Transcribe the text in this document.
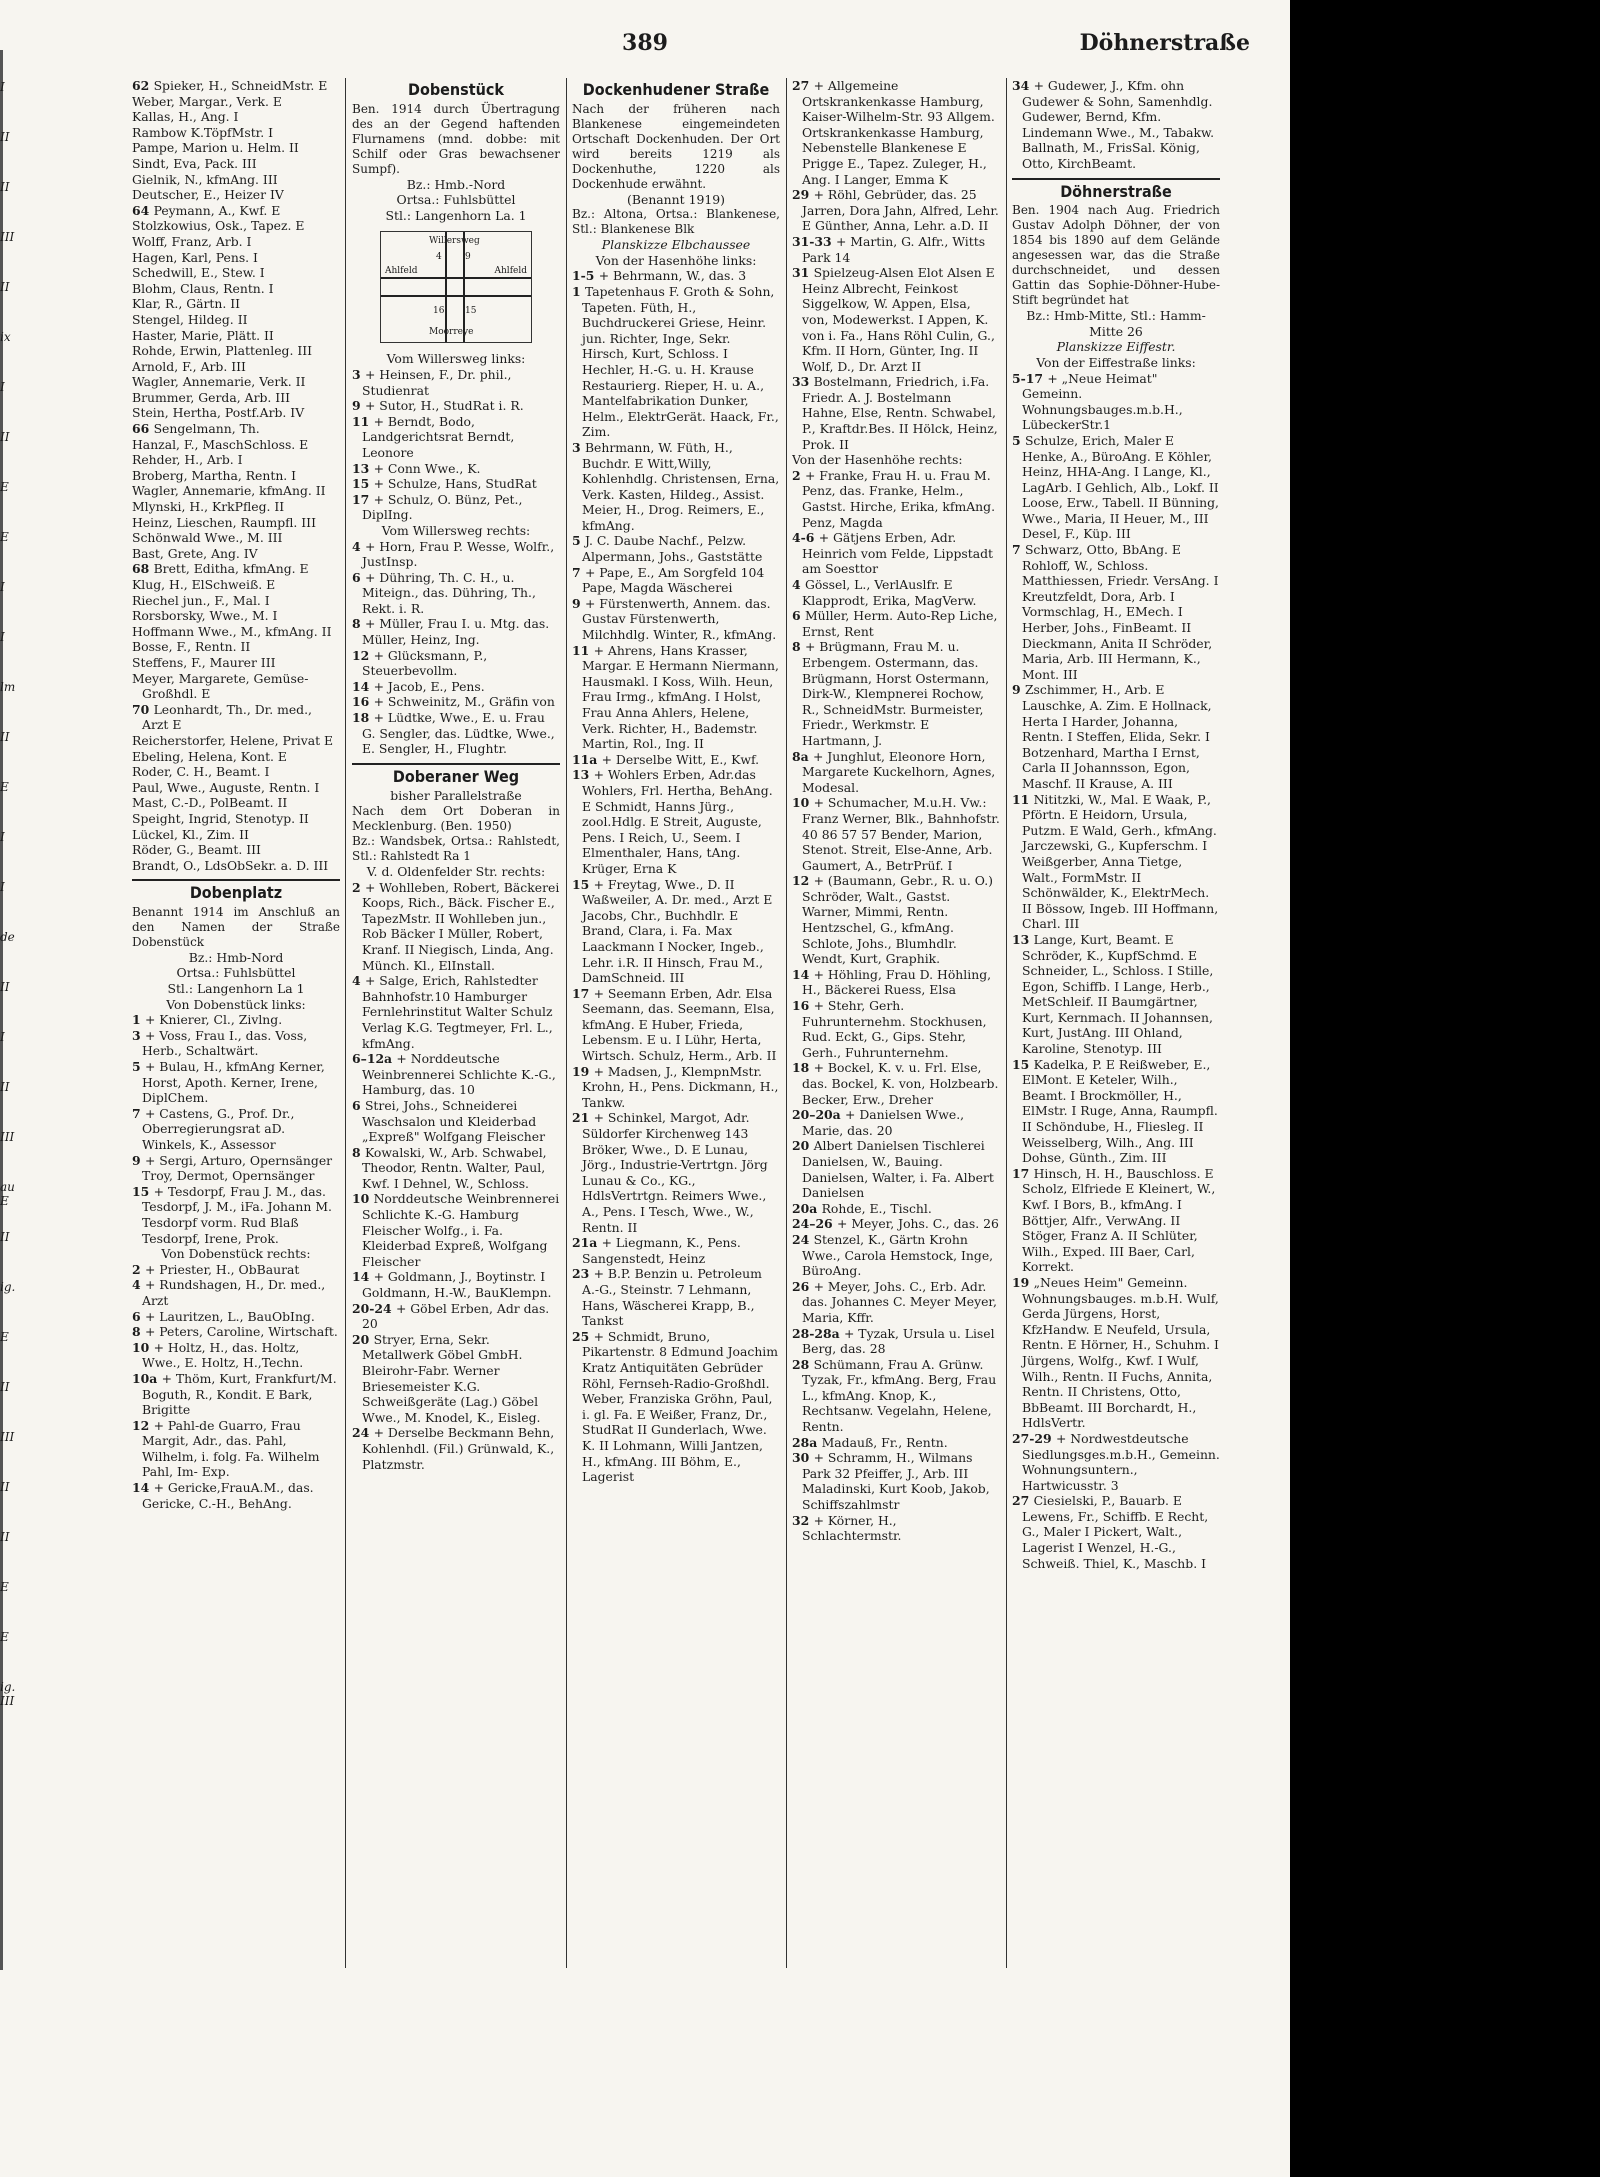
I
II
II
III
II
ix
I
II
E
E
I
I
lm
II
E
I
I
de
II
I
II
III
au E
II
ig.
E
II
III
II
II
E
E
ig. III
389	Döhnerstraße
62 Spieker, H., SchneidMstr. E
Weber, Margar., Verk. E
Kallas, H., Ang. I
Rambow K.TöpfMstr. I
Pampe, Marion u. Helm. II
Sindt, Eva, Pack. III
Gielnik, N., kfmAng. III
Deutscher, E., Heizer IV
64 Peymann, A., Kwf. E
Stolzkowius, Osk., Tapez. E
Wolff, Franz, Arb. I
Hagen, Karl, Pens. I
Schedwill, E., Stew. I
Blohm, Claus, Rentn. I
Klar, R., Gärtn. II
Stengel, Hildeg. II
Haster, Marie, Plätt. II
Rohde, Erwin, Plattenleg. III
Arnold, F., Arb. III
Wagler, Annemarie, Verk. II
Brummer, Gerda, Arb. III
Stein, Hertha, Postf.Arb. IV
66 Sengelmann, Th.
Hanzal, F., MaschSchloss. E
Rehder, H., Arb. I
Broberg, Martha, Rentn. I
Wagler, Annemarie, kfmAng. II
Mlynski, H., KrkPfleg. II
Heinz, Lieschen, Raumpfl. III
Schönwald Wwe., M. III
Bast, Grete, Ang. IV
68 Brett, Editha, kfmAng. E
Klug, H., ElSchweiß. E
Riechel jun., F., Mal. I
Rorsborsky, Wwe., M. I
Hoffmann Wwe., M., kfmAng. II
Bosse, F., Rentn. II
Steffens, F., Maurer III
Meyer, Margarete, Gemüse-Großhdl. E
70 Leonhardt, Th., Dr. med., Arzt E
Reicherstorfer, Helene, Privat E
Ebeling, Helena, Kont. E
Roder, C. H., Beamt. I
Paul, Wwe., Auguste, Rentn. I
Mast, C.-D., PolBeamt. II
Speight, Ingrid, Stenotyp. II
Lückel, Kl., Zim. II
Röder, G., Beamt. III
Brandt, O., LdsObSekr. a. D. III
Dobenplatz
Benannt 1914 im Anschluß an den Namen der Straße Dobenstück
Bz.: Hmb-Nord
Ortsa.: Fuhlsbüttel
Stl.: Langenhorn La 1
Von Dobenstück links:
1 + Knierer, Cl., Zivlng.
3 + Voss, Frau I., das. Voss, Herb., Schaltwärt.
5 + Bulau, H., kfmAng Kerner, Horst, Apoth. Kerner, Irene, DiplChem.
7 + Castens, G., Prof. Dr., Oberregierungsrat aD. Winkels, K., Assessor
9 + Sergi, Arturo, Opernsänger Troy, Dermot, Opernsänger
15 + Tesdorpf, Frau J. M., das. Tesdorpf, J. M., iFa. Johann M. Tesdorpf vorm. Rud Blaß Tesdorpf, Irene, Prok.
Von Dobenstück rechts:
2 + Priester, H., ObBaurat
4 + Rundshagen, H., Dr. med., Arzt
6 + Lauritzen, L., BauObIng.
8 + Peters, Caroline, Wirtschaft.
10 + Holtz, H., das. Holtz, Wwe., E. Holtz, H.,Techn.
10a + Thöm, Kurt, Frankfurt/M. Boguth, R., Kondit. E Bark, Brigitte
12 + Pahl-de Guarro, Frau Margit, Adr., das. Pahl, Wilhelm, i. folg. Fa. Wilhelm Pahl, Im- Exp.
14 + Gericke,FrauA.M., das. Gericke, C.-H., BehAng.
Dobenstück
Ben. 1914 durch Übertragung des an der Gegend haftenden Flurnamens (mnd. dobbe: mit Schilf oder Gras bewachsener Sumpf).
Bz.: Hmb.-Nord
Ortsa.: Fuhlsbüttel
Stl.: Langenhorn La. 1
Willersweg
Ahlfeld	Ahlfeld
Moorreye
4	9
16 15
Vom Willersweg links:
3 + Heinsen, F., Dr. phil., Studienrat
9 + Sutor, H., StudRat i. R.
11 + Berndt, Bodo, Landgerichtsrat Berndt, Leonore
13 + Conn Wwe., K.
15 + Schulze, Hans, StudRat
17 + Schulz, O. Bünz, Pet., DiplIng.
Vom Willersweg rechts:
4 + Horn, Frau P. Wesse, Wolfr., JustInsp.
6 + Dühring, Th. C. H., u. Miteign., das. Dühring, Th., Rekt. i. R.
8 + Müller, Frau I. u. Mtg. das. Müller, Heinz, Ing.
12 + Glücksmann, P., Steuerbevollm.
14 + Jacob, E., Pens.
16 + Schweinitz, M., Gräfin von
18 + Lüdtke, Wwe., E. u. Frau G. Sengler, das. Lüdtke, Wwe., E. Sengler, H., Flughtr.
Doberaner Weg
bisher Parallelstraße
Nach dem Ort Doberan in Mecklenburg. (Ben. 1950)
Bz.: Wandsbek, Ortsa.: Rahlstedt, Stl.: Rahlstedt Ra 1
V. d. Oldenfelder Str. rechts:
2 + Wohlleben, Robert, Bäckerei Koops, Rich., Bäck. Fischer E., TapezMstr. II Wohlleben jun., Rob Bäcker I Müller, Robert, Kranf. II Niegisch, Linda, Ang. Münch. Kl., ElInstall.
4 + Salge, Erich, Rahlstedter Bahnhofstr.10 Hamburger Fernlehrinstitut Walter Schulz Verlag K.G. Tegtmeyer, Frl. L., kfmAng.
6–12a + Norddeutsche Weinbrennerei Schlichte K.-G., Hamburg, das. 10
6 Strei, Johs., Schneiderei Waschsalon und Kleiderbad „Expreß" Wolfgang Fleischer
8 Kowalski, W., Arb. Schwabel, Theodor, Rentn. Walter, Paul, Kwf. I Dehnel, W., Schloss.
10 Norddeutsche Weinbrennerei Schlichte K.-G. Hamburg Fleischer Wolfg., i. Fa. Kleiderbad Expreß, Wolfgang Fleischer
14 + Goldmann, J., Boytinstr. I Goldmann, H.-W., BauKlempn.
20-24 + Göbel Erben, Adr das. 20
20 Stryer, Erna, Sekr. Metallwerk Göbel GmbH. Bleirohr-Fabr. Werner Briesemeister K.G. Schweißgeräte (Lag.) Göbel Wwe., M. Knodel, K., Eisleg.
24 + Derselbe Beckmann Behn, Kohlenhdl. (Fil.) Grünwald, K., Platzmstr.
Dockenhudener Straße
Nach der früheren nach Blankenese eingemeindeten Ortschaft Dockenhuden. Der Ort wird bereits 1219 als Dockenhuthe, 1220 als Dockenhude erwähnt.
(Benannt 1919)
Bz.: Altona, Ortsa.: Blankenese, Stl.: Blankenese Blk
Planskizze Elbchaussee
Von der Hasenhöhe links:
1-5 + Behrmann, W., das. 3
1 Tapetenhaus F. Groth & Sohn, Tapeten. Füth, H., Buchdruckerei Griese, Heinr. jun. Richter, Inge, Sekr. Hirsch, Kurt, Schloss. I Hechler, H.-G. u. H. Krause Restaurierg. Rieper, H. u. A., Mantelfabrikation Dunker, Helm., ElektrGerät. Haack, Fr., Zim.
3 Behrmann, W. Füth, H., Buchdr. E Witt,Willy, Kohlenhdlg. Christensen, Erna, Verk. Kasten, Hildeg., Assist. Meier, H., Drog. Reimers, E., kfmAng.
5 J. C. Daube Nachf., Pelzw. Alpermann, Johs., Gaststätte
7 + Pape, E., Am Sorgfeld 104 Pape, Magda Wäscherei
9 + Fürstenwerth, Annem. das. Gustav Fürstenwerth, Milchhdlg. Winter, R., kfmAng.
11 + Ahrens, Hans Krasser, Margar. E Hermann Niermann, Hausmakl. I Koss, Wilh. Heun, Frau Irmg., kfmAng. I Holst, Frau Anna Ahlers, Helene, Verk. Richter, H., Bademstr. Martin, Rol., Ing. II
11a + Derselbe Witt, E., Kwf.
13 + Wohlers Erben, Adr.das Wohlers, Frl. Hertha, BehAng. E Schmidt, Hanns Jürg., zool.Hdlg. E Streit, Auguste, Pens. I Reich, U., Seem. I Elmenthaler, Hans, tAng. Krüger, Erna K
15 + Freytag, Wwe., D. II Waßweiler, A. Dr. med., Arzt E Jacobs, Chr., Buchhdlr. E Brand, Clara, i. Fa. Max Laackmann I Nocker, Ingeb., Lehr. i.R. II Hinsch, Frau M., DamSchneid. III
17 + Seemann Erben, Adr. Elsa Seemann, das. Seemann, Elsa, kfmAng. E Huber, Frieda, Lebensm. E u. I Lühr, Herta, Wirtsch. Schulz, Herm., Arb. II
19 + Madsen, J., KlempnMstr. Krohn, H., Pens. Dickmann, H., Tankw.
21 + Schinkel, Margot, Adr. Süldorfer Kirchenweg 143 Bröker, Wwe., D. E Lunau, Jörg., Industrie-Vertrtgn. Jörg Lunau & Co., KG., HdlsVertrtgn. Reimers Wwe., A., Pens. I Tesch, Wwe., W., Rentn. II
21a + Liegmann, K., Pens. Sangenstedt, Heinz
23 + B.P. Benzin u. Petroleum A.-G., Steinstr. 7 Lehmann, Hans, Wäscherei Krapp, B., Tankst
25 + Schmidt, Bruno, Pikartenstr. 8 Edmund Joachim Kratz Antiquitäten Gebrüder Röhl, Fernseh-Radio-Großhdl. Weber, Franziska Gröhn, Paul, i. gl. Fa. E Weißer, Franz, Dr., StudRat II Gunderlach, Wwe. K. II Lohmann, Willi Jantzen, H., kfmAng. III Böhm, E., Lagerist
27 + Allgemeine Ortskrankenkasse Hamburg, Kaiser-Wilhelm-Str. 93 Allgem. Ortskrankenkasse Hamburg, Nebenstelle Blankenese E Prigge E., Tapez. Zuleger, H., Ang. I Langer, Emma K
29 + Röhl, Gebrüder, das. 25 Jarren, Dora Jahn, Alfred, Lehr. E Günther, Anna, Lehr. a.D. II
31-33 + Martin, G. Alfr., Witts Park 14
31 Spielzeug-Alsen Elot Alsen E Heinz Albrecht, Feinkost Siggelkow, W. Appen, Elsa, von, Modewerkst. I Appen, K. von i. Fa., Hans Röhl Culin, G., Kfm. II Horn, Günter, Ing. II Wolf, D., Dr. Arzt II
33 Bostelmann, Friedrich, i.Fa. Friedr. A. J. Bostelmann Hahne, Else, Rentn. Schwabel, P., Kraftdr.Bes. II Hölck, Heinz, Prok. II
Von der Hasenhöhe rechts:
2 + Franke, Frau H. u. Frau M. Penz, das. Franke, Helm., Gastst. Hirche, Erika, kfmAng. Penz, Magda
4-6 + Gätjens Erben, Adr. Heinrich vom Felde, Lippstadt am Soesttor
4 Gössel, L., VerlAuslfr. E Klapprodt, Erika, MagVerw.
6 Müller, Herm. Auto-Rep Liche, Ernst, Rent
8 + Brügmann, Frau M. u. Erbengem. Ostermann, das. Brügmann, Horst Ostermann, Dirk-W., Klempnerei Rochow, R., SchneidMstr. Burmeister, Friedr., Werkmstr. E Hartmann, J.
8a + Junghlut, Eleonore Horn, Margarete Kuckelhorn, Agnes, Modesal.
10 + Schumacher, M.u.H. Vw.: Franz Werner, Blk., Bahnhofstr. 40 86 57 57 Bender, Marion, Stenot. Streit, Else-Anne, Arb. Gaumert, A., BetrPrüf. I
12 + (Baumann, Gebr., R. u. O.) Schröder, Walt., Gastst. Warner, Mimmi, Rentn. Hentzschel, G., kfmAng. Schlote, Johs., Blumhdlr. Wendt, Kurt, Graphik.
14 + Höhling, Frau D. Höhling, H., Bäckerei Ruess, Elsa
16 + Stehr, Gerh. Fuhrunternehm. Stockhusen, Rud. Eckt, G., Gips. Stehr, Gerh., Fuhrunternehm.
18 + Bockel, K. v. u. Frl. Else, das. Bockel, K. von, Holzbearb. Becker, Erw., Dreher
20–20a + Danielsen Wwe., Marie, das. 20
20 Albert Danielsen Tischlerei Danielsen, W., Bauing. Danielsen, Walter, i. Fa. Albert Danielsen
20a Rohde, E., Tischl.
24–26 + Meyer, Johs. C., das. 26
24 Stenzel, K., Gärtn Krohn Wwe., Carola Hemstock, Inge, BüroAng.
26 + Meyer, Johs. C., Erb. Adr. das. Johannes C. Meyer Meyer, Maria, Kffr.
28-28a + Tyzak, Ursula u. Lisel Berg, das. 28
28 Schümann, Frau A. Grünw. Tyzak, Fr., kfmAng. Berg, Frau L., kfmAng. Knop, K., Rechtsanw. Vegelahn, Helene, Rentn.
28a Madauß, Fr., Rentn.
30 + Schramm, H., Wilmans Park 32 Pfeiffer, J., Arb. III Maladinski, Kurt Koob, Jakob, Schiffszahlmstr
32 + Körner, H., Schlachtermstr.
34 + Gudewer, J., Kfm. ohn Gudewer & Sohn, Samenhdlg. Gudewer, Bernd, Kfm. Lindemann Wwe., M., Tabakw. Ballnath, M., FrisSal. König, Otto, KirchBeamt.
Döhnerstraße
Ben. 1904 nach Aug. Friedrich Gustav Adolph Döhner, der von 1854 bis 1890 auf dem Gelände angesessen war, das die Straße durchschneidet, und dessen Gattin das Sophie-Döhner-Hube-Stift begründet hat
Bz.: Hmb-Mitte, Stl.: Hamm-Mitte 26
Planskizze Eiffestr.
Von der Eiffestraße links:
5-17 + „Neue Heimat" Gemeinn. Wohnungsbauges.m.b.H., LübeckerStr.1
5 Schulze, Erich, Maler E Henke, A., BüroAng. E Köhler, Heinz, HHA-Ang. I Lange, Kl., LagArb. I Gehlich, Alb., Lokf. II Loose, Erw., Tabell. II Bünning, Wwe., Maria, II Heuer, M., III Desel, F., Küp. III
7 Schwarz, Otto, BbAng. E Rohloff, W., Schloss. Matthiessen, Friedr. VersAng. I Kreutzfeldt, Dora, Arb. I Vormschlag, H., EMech. I Herber, Johs., FinBeamt. II Dieckmann, Anita II Schröder, Maria, Arb. III Hermann, K., Mont. III
9 Zschimmer, H., Arb. E Lauschke, A. Zim. E Hollnack, Herta I Harder, Johanna, Rentn. I Steffen, Elida, Sekr. I Botzenhard, Martha I Ernst, Carla II Johannsson, Egon, Maschf. II Krause, A. III
11 Nititzki, W., Mal. E Waak, P., Pförtn. E Heidorn, Ursula, Putzm. E Wald, Gerh., kfmAng. Jarczewski, G., Kupferschm. I Weißgerber, Anna Tietge, Walt., FormMstr. II Schönwälder, K., ElektrMech. II Bössow, Ingeb. III Hoffmann, Charl. III
13 Lange, Kurt, Beamt. E Schröder, K., KupfSchmd. E Schneider, L., Schloss. I Stille, Egon, Schiffb. I Lange, Herb., MetSchleif. II Baumgärtner, Kurt, Kernmach. II Johannsen, Kurt, JustAng. III Ohland, Karoline, Stenotyp. III
15 Kadelka, P. E Reißweber, E., ElMont. E Keteler, Wilh., Beamt. I Brockmöller, H., ElMstr. I Ruge, Anna, Raumpfl. II Schöndube, H., Fliesleg. II Weisselberg, Wilh., Ang. III Dohse, Günth., Zim. III
17 Hinsch, H. H., Bauschloss. E Scholz, Elfriede E Kleinert, W., Kwf. I Bors, B., kfmAng. I Böttjer, Alfr., VerwAng. II Stöger, Franz A. II Schlüter, Wilh., Exped. III Baer, Carl, Korrekt.
19 „Neues Heim" Gemeinn. Wohnungsbauges. m.b.H. Wulf, Gerda Jürgens, Horst, KfzHandw. E Neufeld, Ursula, Rentn. E Hörner, H., Schuhm. I Jürgens, Wolfg., Kwf. I Wulf, Wilh., Rentn. II Fuchs, Annita, Rentn. II Christens, Otto, BbBeamt. III Borchardt, H., HdlsVertr.
27-29 + Nordwestdeutsche Siedlungsges.m.b.H., Gemeinn. Wohnungsuntern., Hartwicusstr. 3
27 Ciesielski, P., Bauarb. E Lewens, Fr., Schiffb. E Recht, G., Maler I Pickert, Walt., Lagerist I Wenzel, H.-G., Schweiß. Thiel, K., Maschb. I
